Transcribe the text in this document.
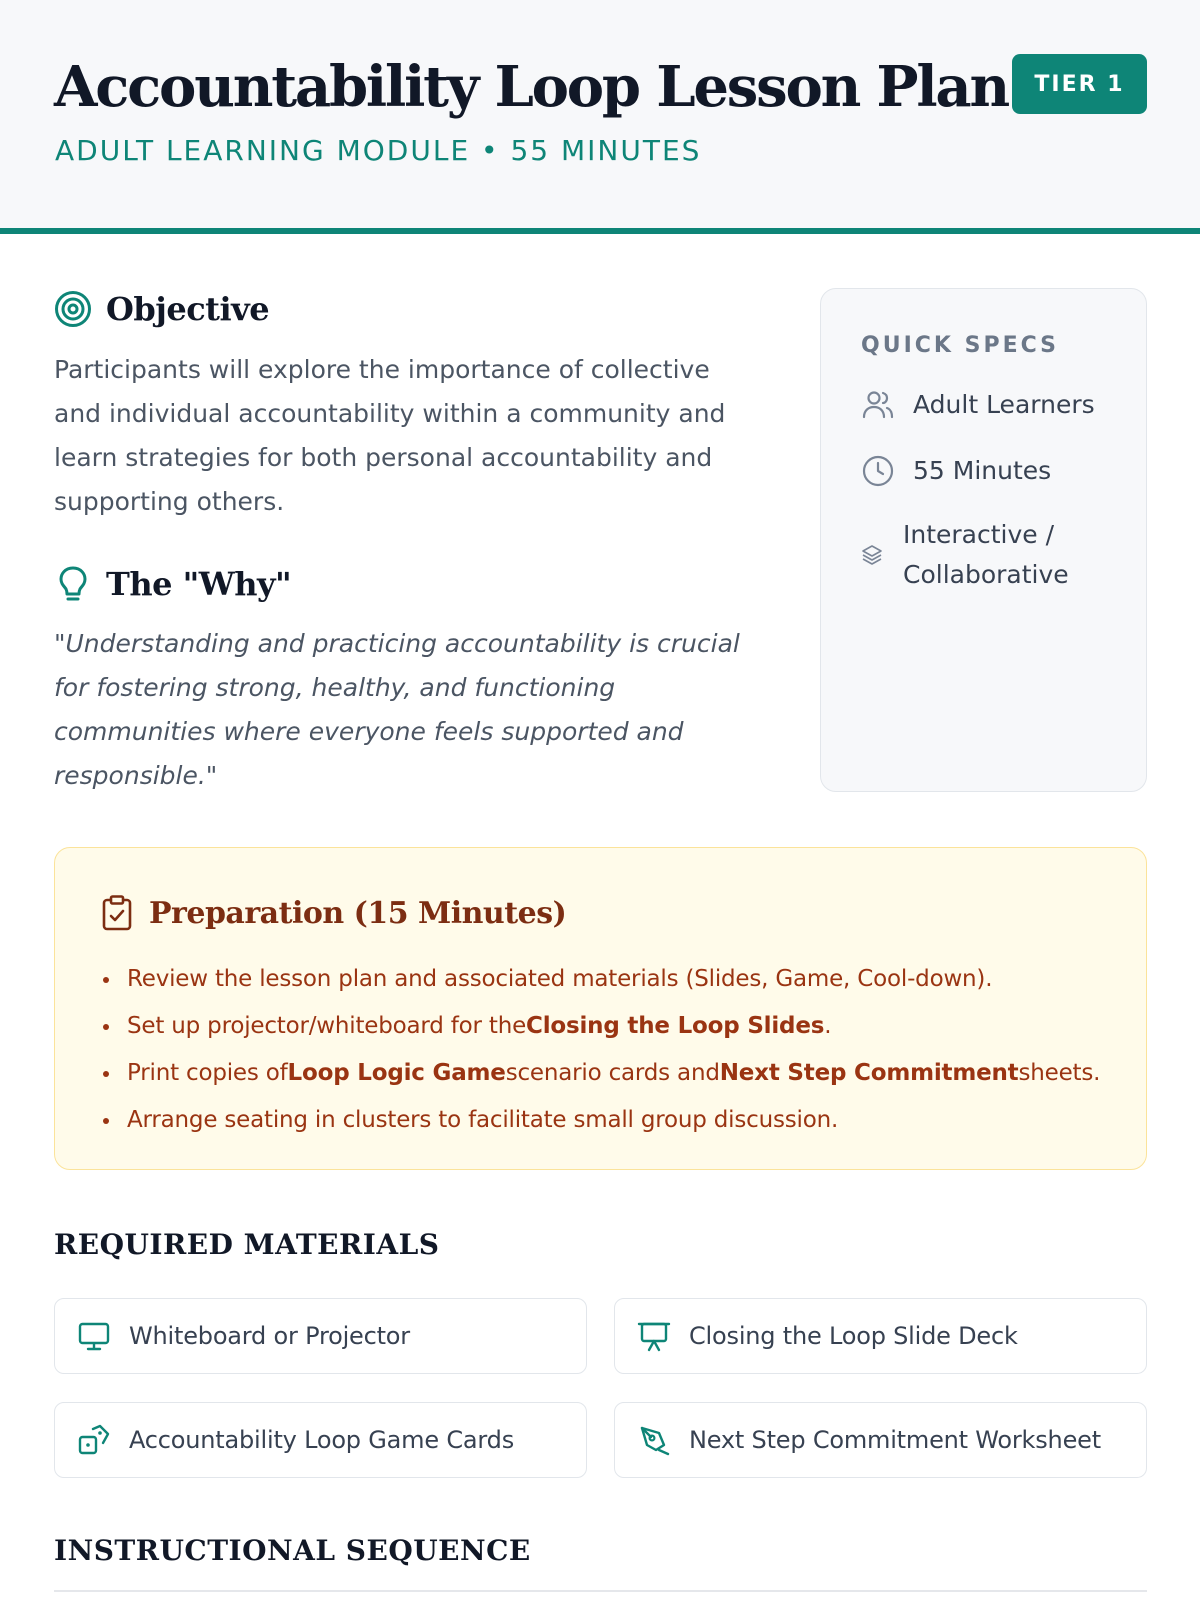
Accountability Loop Lesson Plan
ADULT LEARNING MODULE • 55 MINUTES
TIER 1
Objective
Participants will explore the importance of collective
and individual accountability within a community and
learn strategies for both personal accountability and
supporting others.
The "Why"
"Understanding and practicing accountability is crucial
for fostering strong, healthy, and functioning
communities where everyone feels supported and
responsible."
QUICK SPECS
Adult Learners
55 Minutes
Interactive /
Collaborative
Preparation (15 Minutes)
Review the lesson plan and associated materials (Slides, Game, Cool-down).
Set up projector/whiteboard for theClosing the Loop Slides.
Print copies ofLoop Logic Gamescenario cards andNext Step Commitmentsheets.
Arrange seating in clusters to facilitate small group discussion.
REQUIRED MATERIALS
Whiteboard or Projector	Closing the Loop Slide Deck
Accountability Loop Game Cards	Next Step Commitment Worksheet
INSTRUCTIONAL SEQUENCE
